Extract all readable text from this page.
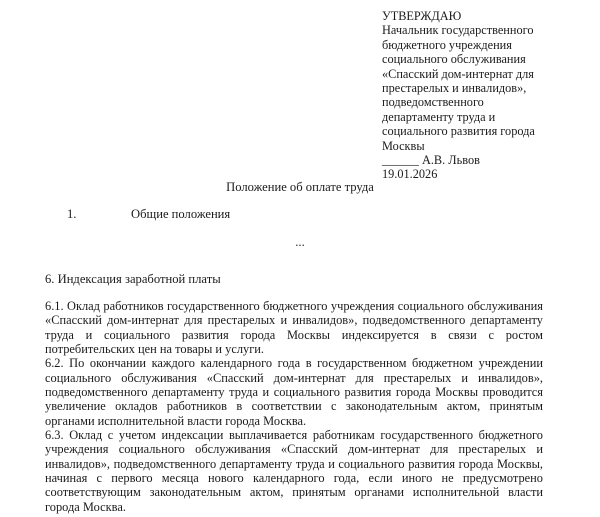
УТВЕРЖДАЮ
Начальник государственного
бюджетного учреждения
социального обслуживания
«Спасский дом-интернат для
престарелых и инвалидов»,
подведомственного
департаменту труда и
социального развития города
Москвы
______ А.В. Львов
19.01.2026
Положение об оплате труда
1.	Общие положения
...
6. Индексация заработной платы

6.1. Оклад работников государственного бюджетного учреждения социального обслуживания «Спасский дом-интернат для престарелых и инвалидов», подведомственного департаменту труда и социального развития города Москвы индексируется в связи с ростом потребительских цен на товары и услуги.

6.2. По окончании каждого календарного года в государственном бюджетном учреждении социального обслуживания «Спасский дом-интернат для престарелых и инвалидов», подведомственного департаменту труда и социального развития города Москвы проводится увеличение окладов работников в соответствии с законодательным актом, принятым органами исполнительной власти города Москва.

6.3. Оклад с учетом индексации выплачивается работникам государственного бюджетного учреждения социального обслуживания «Спасский дом-интернат для престарелых и инвалидов», подведомственного департаменту труда и социального развития города Москвы, начиная с первого месяца нового календарного года, если иного не предусмотрено соответствующим законодательным актом, принятым органами исполнительной власти города Москва.
